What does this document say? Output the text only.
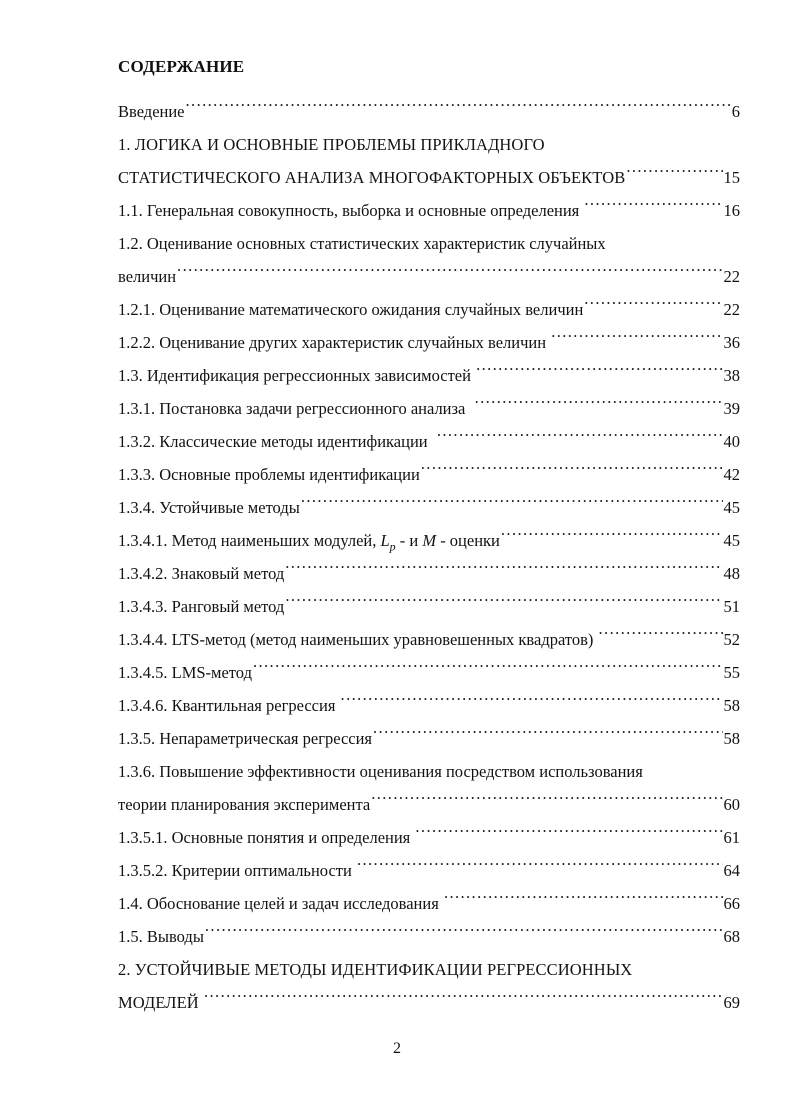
СОДЕРЖАНИЕ
Введение .....	6
1. ЛОГИКА И ОСНОВНЫЕ ПРОБЛЕМЫ ПРИКЛАДНОГО
СТАТИСТИЧЕСКОГО АНАЛИЗА МНОГОФАКТОРНЫХ ОБЪЕКТОВ .....	15
1.1. Генеральная совокупность, выборка и основные определения .....	16
1.2. Оценивание основных статистических характеристик случайных
величин .....	22
1.2.1. Оценивание математического ожидания случайных величин .....	22
1.2.2. Оценивание других характеристик случайных величин .....	36
1.3. Идентификация регрессионных зависимостей .....	38
1.3.1. Постановка задачи регрессионного анализа .....	39
1.3.2. Классические методы идентификации .....	40
1.3.3. Основные проблемы идентификации .....	42
1.3.4. Устойчивые методы .....	45
1.3.4.1. Метод наименьших модулей, $L_p$ - и M - оценки .....	45
1.3.4.2. Знаковый метод .....	48
1.3.4.3. Ранговый метод .....	51
1.3.4.4. LTS-метод (метод наименьших уравновешенных квадратов) .....	52
1.3.4.5. LMS-метод .....	55
1.3.4.6. Квантильная регрессия .....	58
1.3.5. Непараметрическая регрессия .....	58
1.3.6. Повышение эффективности оценивания посредством использования
теории планирования эксперимента .....	60
1.3.5.1. Основные понятия и определения .....	61
1.3.5.2. Критерии оптимальности .....	64
1.4. Обоснование целей и задач исследования .....	66
1.5. Выводы .....	68
2. УСТОЙЧИВЫЕ МЕТОДЫ ИДЕНТИФИКАЦИИ РЕГРЕССИОННЫХ
МОДЕЛЕЙ .....	69
2
